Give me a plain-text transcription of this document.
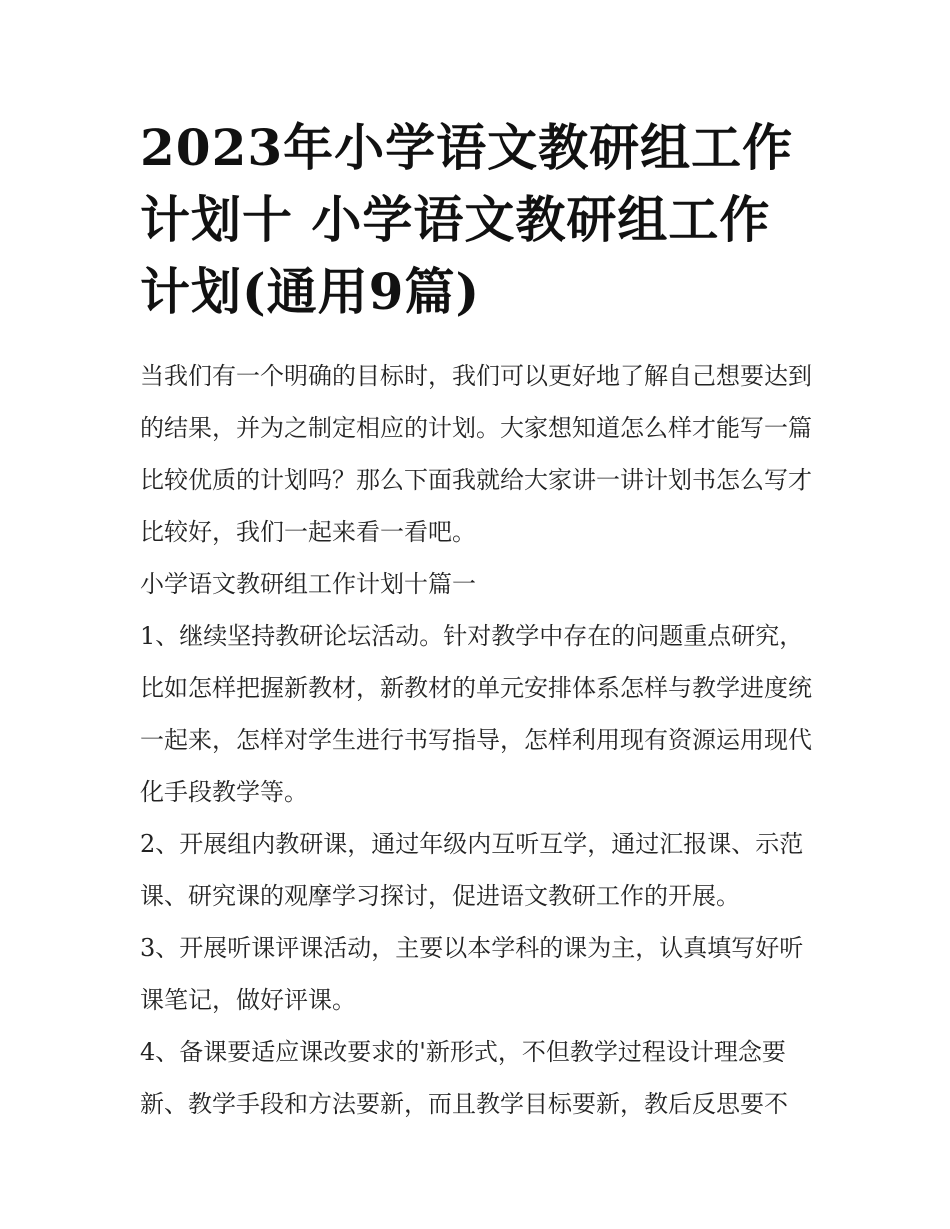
2023年小学语文教研组工作计划十 小学语文教研组工作计划(通用9篇)

当我们有一个明确的目标时，我们可以更好地了解自己想要达到的结果，并为之制定相应的计划。大家想知道怎么样才能写一篇比较优质的计划吗？那么下面我就给大家讲一讲计划书怎么写才比较好，我们一起来看一看吧。

小学语文教研组工作计划十篇一

1、继续坚持教研论坛活动。针对教学中存在的问题重点研究，比如怎样把握新教材，新教材的单元安排体系怎样与教学进度统一起来，怎样对学生进行书写指导，怎样利用现有资源运用现代化手段教学等。

2、开展组内教研课，通过年级内互听互学，通过汇报课、示范课、研究课的观摩学习探讨，促进语文教研工作的开展。

3、开展听课评课活动，主要以本学科的课为主，认真填写好听课笔记，做好评课。

4、备课要适应课改要求的'新形式，不但教学过程设计理念要新、教学手段和方法要新，而且教学目标要新，教后反思要不
